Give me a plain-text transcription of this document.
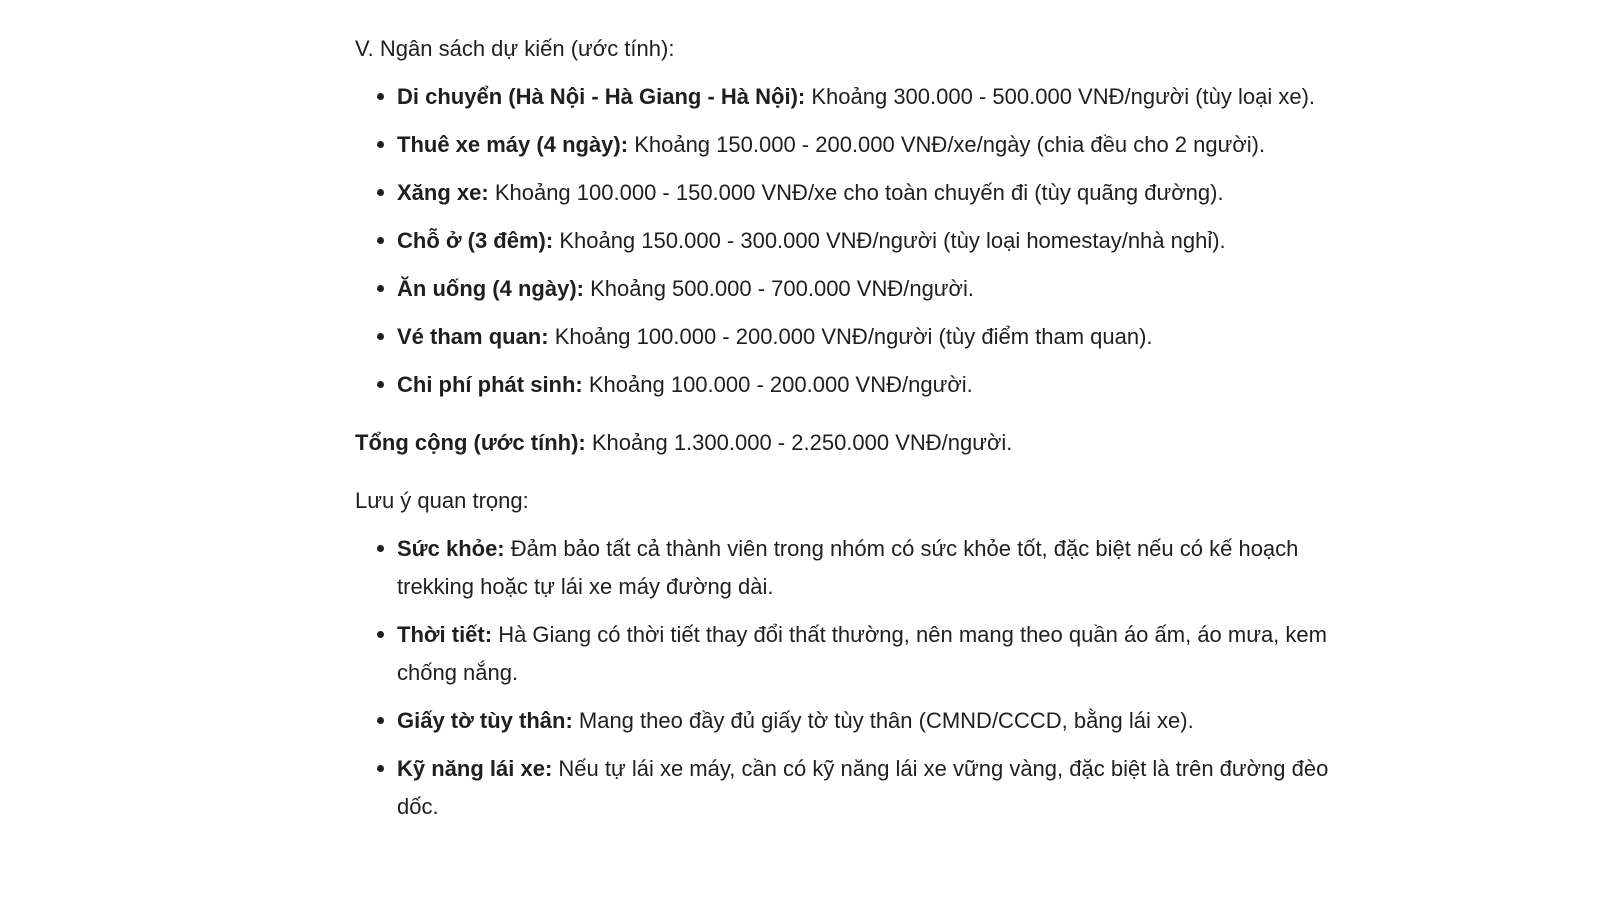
V. Ngân sách dự kiến (ước tính):

Di chuyển (Hà Nội - Hà Giang - Hà Nội): Khoảng 300.000 - 500.000 VNĐ/người (tùy loại xe).
Thuê xe máy (4 ngày): Khoảng 150.000 - 200.000 VNĐ/xe/ngày (chia đều cho 2 người).
Xăng xe: Khoảng 100.000 - 150.000 VNĐ/xe cho toàn chuyến đi (tùy quãng đường).
Chỗ ở (3 đêm): Khoảng 150.000 - 300.000 VNĐ/người (tùy loại homestay/nhà nghỉ).
Ăn uống (4 ngày): Khoảng 500.000 - 700.000 VNĐ/người.
Vé tham quan: Khoảng 100.000 - 200.000 VNĐ/người (tùy điểm tham quan).
Chi phí phát sinh: Khoảng 100.000 - 200.000 VNĐ/người.

Tổng cộng (ước tính): Khoảng 1.300.000 - 2.250.000 VNĐ/người.

Lưu ý quan trọng:

Sức khỏe: Đảm bảo tất cả thành viên trong nhóm có sức khỏe tốt, đặc biệt nếu có kế hoạch trekking hoặc tự lái xe máy đường dài.
Thời tiết: Hà Giang có thời tiết thay đổi thất thường, nên mang theo quần áo ấm, áo mưa, kem chống nắng.
Giấy tờ tùy thân: Mang theo đầy đủ giấy tờ tùy thân (CMND/CCCD, bằng lái xe).
Kỹ năng lái xe: Nếu tự lái xe máy, cần có kỹ năng lái xe vững vàng, đặc biệt là trên đường đèo dốc.
